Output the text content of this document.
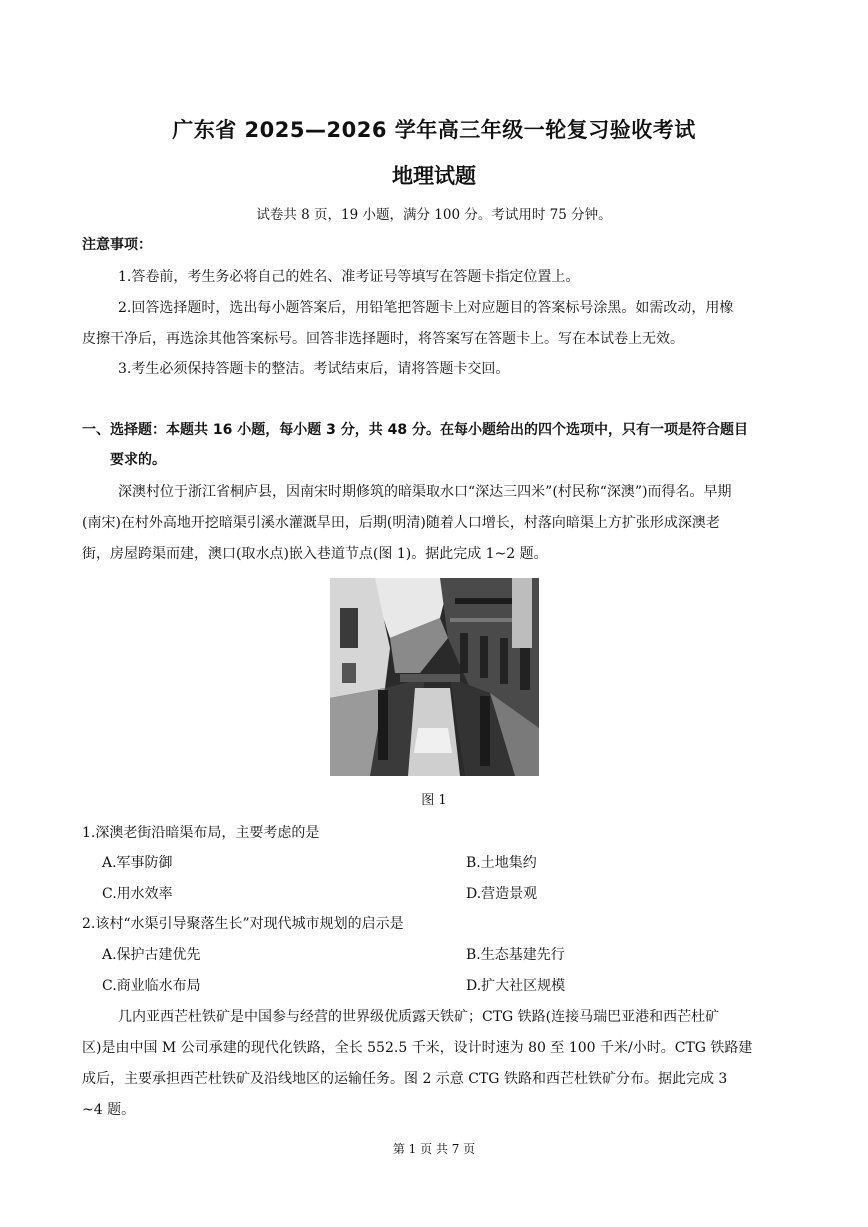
广东省 2025—2026 学年高三年级一轮复习验收考试
地理试题
试卷共 8 页，19 小题，满分 100 分。考试用时 75 分钟。
注意事项：
1.答卷前，考生务必将自己的姓名、准考证号等填写在答题卡指定位置上。
2.回答选择题时，选出每小题答案后，用铅笔把答题卡上对应题目的答案标号涂黑。如需改动，用橡
皮擦干净后，再选涂其他答案标号。回答非选择题时，将答案写在答题卡上。写在本试卷上无效。
3.考生必须保持答题卡的整洁。考试结束后，请将答题卡交回。
一、选择题：本题共 16 小题，每小题 3 分，共 48 分。在每小题给出的四个选项中，只有一项是符合题目
要求的。
深澳村位于浙江省桐庐县，因南宋时期修筑的暗渠取水口“深达三四米”(村民称“深澳”)而得名。早期
(南宋)在村外高地开挖暗渠引溪水灌溉旱田，后期(明清)随着人口增长，村落向暗渠上方扩张形成深澳老
街，房屋跨渠而建，澳口(取水点)嵌入巷道节点(图 1)。据此完成 1~2 题。
图 1
1.深澳老街沿暗渠布局，主要考虑的是
A.军事防御	B.土地集约
C.用水效率	D.营造景观
2.该村“水渠引导聚落生长”对现代城市规划的启示是
A.保护古建优先	B.生态基建先行
C.商业临水布局	D.扩大社区规模
几内亚西芒杜铁矿是中国参与经营的世界级优质露天铁矿；CTG 铁路(连接马瑞巴亚港和西芒杜矿
区)是由中国 M 公司承建的现代化铁路，全长 552.5 千米，设计时速为 80 至 100 千米/小时。CTG 铁路建
成后，主要承担西芒杜铁矿及沿线地区的运输任务。图 2 示意 CTG 铁路和西芒杜铁矿分布。据此完成 3
~4 题。
第 1 页 共 7 页
